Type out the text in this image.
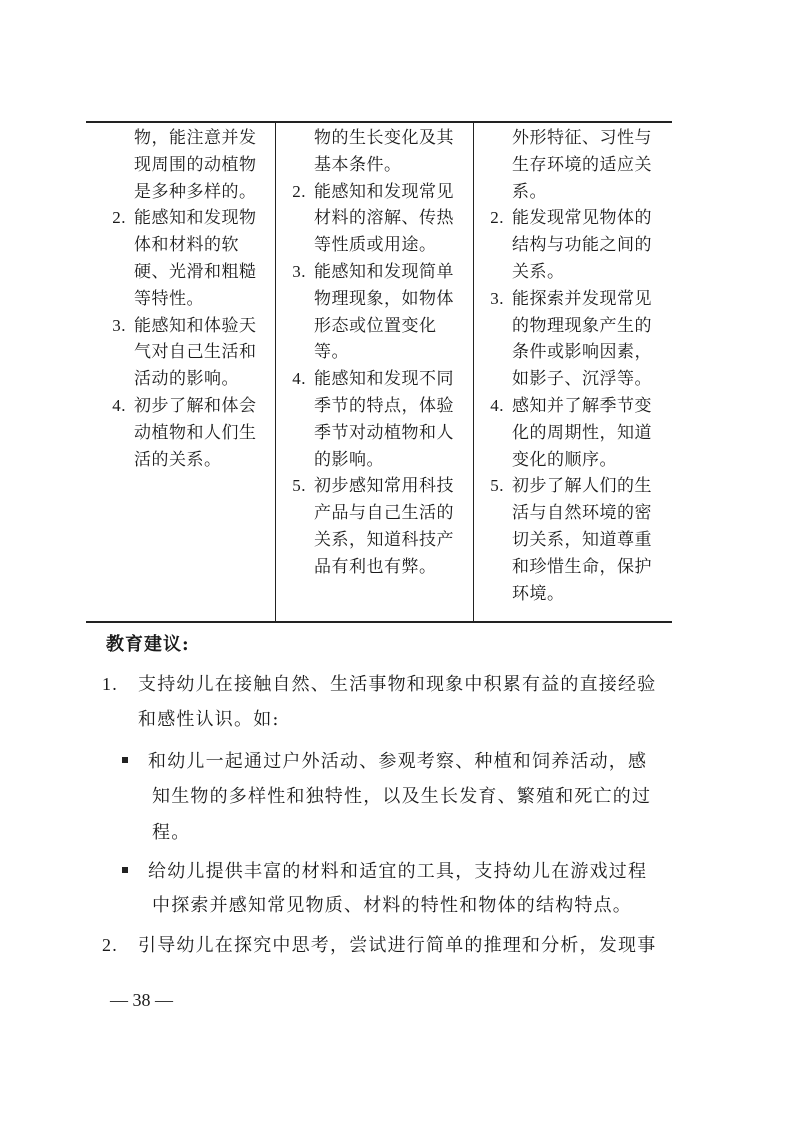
物，能注意并发
现周围的动植物
是多种多样的。
2. 能感知和发现物
体和材料的软
硬、光滑和粗糙
等特性。
3. 能感知和体验天
气对自己生活和
活动的影响。
4. 初步了解和体会
动植物和人们生
活的关系。
物的生长变化及其
基本条件。
2. 能感知和发现常见
材料的溶解、传热
等性质或用途。
3. 能感知和发现简单
物理现象，如物体
形态或位置变化
等。
4. 能感知和发现不同
季节的特点，体验
季节对动植物和人
的影响。
5. 初步感知常用科技
产品与自己生活的
关系，知道科技产
品有利也有弊。
外形特征、习性与
生存环境的适应关
系。
2. 能发现常见物体的
结构与功能之间的
关系。
3. 能探索并发现常见
的物理现象产生的
条件或影响因素，
如影子、沉浮等。
4. 感知并了解季节变
化的周期性，知道
变化的顺序。
5. 初步了解人们的生
活与自然环境的密
切关系，知道尊重
和珍惜生命，保护
环境。
教育建议:
1. 支持幼儿在接触自然、生活事物和现象中积累有益的直接经验
和感性认识。如:
和幼儿一起通过户外活动、参观考察、种植和饲养活动，感
知生物的多样性和独特性，以及生长发育、繁殖和死亡的过
程。
给幼儿提供丰富的材料和适宜的工具，支持幼儿在游戏过程
中探索并感知常见物质、材料的特性和物体的结构特点。
2. 引导幼儿在探究中思考，尝试进行简单的推理和分析，发现事
— 38 —
